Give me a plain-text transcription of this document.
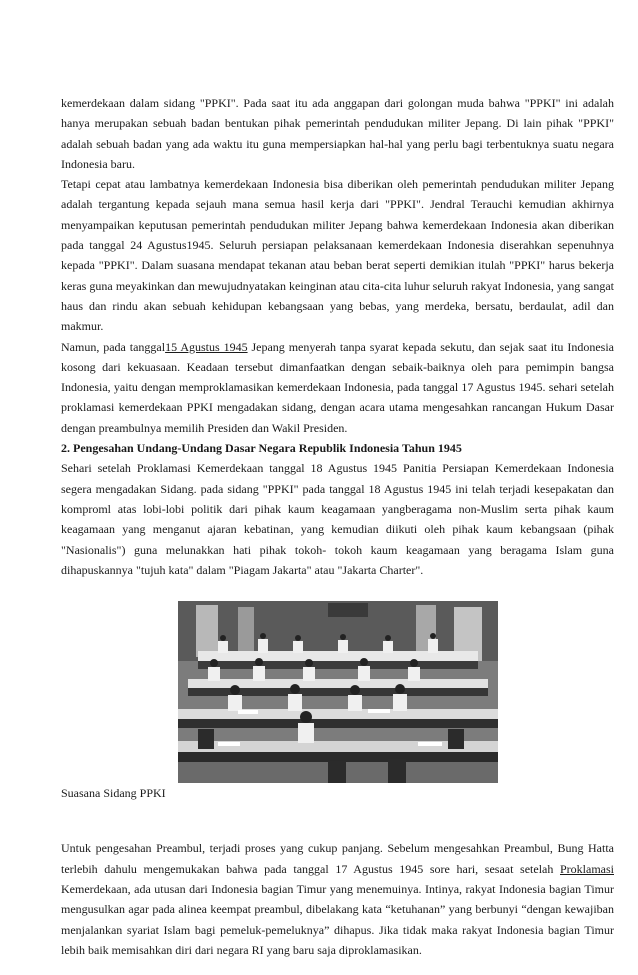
kemerdekaan dalam sidang "PPKI". Pada saat itu ada anggapan dari golongan muda bahwa "PPKI" ini adalah hanya merupakan sebuah badan bentukan pihak pemerintah pendudukan militer Jepang. Di lain pihak "PPKI" adalah sebuah badan yang ada waktu itu guna mempersiapkan hal-hal yang perlu bagi terbentuknya suatu negara Indonesia baru.

Tetapi cepat atau lambatnya kemerdekaan Indonesia bisa diberikan oleh pemerintah pendudukan militer Jepang adalah tergantung kepada sejauh mana semua hasil kerja dari "PPKI". Jendral Terauchi kemudian akhirnya menyampaikan keputusan pemerintah pendudukan militer Jepang bahwa kemerdekaan Indonesia akan diberikan pada tanggal 24 Agustus1945. Seluruh persiapan pelaksanaan kemerdekaan Indonesia diserahkan sepenuhnya kepada "PPKI". Dalam suasana mendapat tekanan atau beban berat seperti demikian itulah "PPKI" harus bekerja keras guna meyakinkan dan mewujudnyatakan keinginan atau cita-cita luhur seluruh rakyat Indonesia, yang sangat haus dan rindu akan sebuah kehidupan kebangsaan yang bebas, yang merdeka, bersatu, berdaulat, adil dan makmur.

Namun, pada tanggal15 Agustus 1945 Jepang menyerah tanpa syarat kepada sekutu, dan sejak saat itu Indonesia kosong dari kekuasaan. Keadaan tersebut dimanfaatkan dengan sebaik-baiknya oleh para pemimpin bangsa Indonesia, yaitu dengan memproklamasikan kemerdekaan Indonesia, pada tanggal 17 Agustus 1945. sehari setelah proklamasi kemerdekaan PPKI mengadakan sidang, dengan acara utama mengesahkan rancangan Hukum Dasar dengan preambulnya memilih Presiden dan Wakil Presiden.

2. Pengesahan Undang-Undang Dasar Negara Republik Indonesia Tahun 1945

Sehari setelah Proklamasi Kemerdekaan tanggal 18 Agustus 1945 Panitia Persiapan Kemerdekaan Indonesia segera mengadakan Sidang. pada sidang "PPKI" pada tanggal 18 Agustus 1945 ini telah terjadi kesepakatan dan komproml atas lobi-lobi politik dari pihak kaum keagamaan yangberagama non-Muslim serta pihak kaum keagamaan yang menganut ajaran kebatinan, yang kemudian diikuti oleh pihak kaum kebangsaan (pihak "Nasionalis") guna melunakkan hati pihak tokoh- tokoh kaum keagamaan yang beragama Islam guna dihapuskannya "tujuh kata" dalam "Piagam Jakarta" atau "Jakarta Charter".

Suasana Sidang PPKI

Untuk pengesahan Preambul, terjadi proses yang cukup panjang. Sebelum mengesahkan Preambul, Bung Hatta terlebih dahulu mengemukakan bahwa pada tanggal 17 Agustus 1945 sore hari, sesaat setelah Proklamasi Kemerdekaan, ada utusan dari Indonesia bagian Timur yang menemuinya. Intinya, rakyat Indonesia bagian Timur mengusulkan agar pada alinea keempat preambul, dibelakang kata “ketuhanan” yang berbunyi “dengan kewajiban menjalankan syariat Islam bagi pemeluk-pemeluknya” dihapus. Jika tidak maka rakyat Indonesia bagian Timur lebih baik memisahkan diri dari negara RI yang baru saja diproklamasikan.
